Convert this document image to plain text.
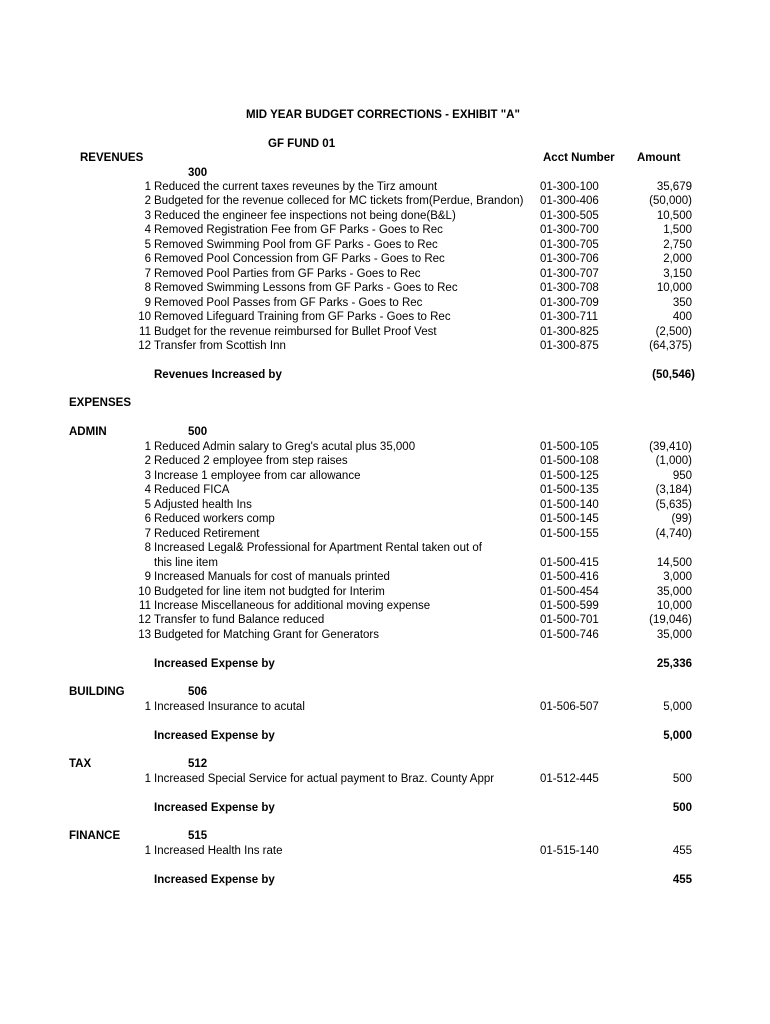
MID YEAR BUDGET CORRECTIONS - EXHIBIT "A"
GF FUND 01
REVENUES	Acct Number Amount
300
1 Reduced the current taxes reveunes by the Tirz amount	01-300-100	35,679
2 Budgeted for the revenue colleced for MC tickets from(Perdue, Brandon) 01-300-406	(50,000)
3 Reduced the engineer fee inspections not being done(B&L)	01-300-505	10,500
4 Removed Registration Fee from GF Parks - Goes to Rec	01-300-700	1,500
5 Removed Swimming Pool from GF Parks - Goes to Rec	01-300-705	2,750
6 Removed Pool Concession from GF Parks - Goes to Rec	01-300-706	2,000
7 Removed Pool Parties from GF Parks - Goes to Rec	01-300-707	3,150
8 Removed Swimming Lessons from GF Parks - Goes to Rec	01-300-708	10,000
9 Removed Pool Passes from GF Parks - Goes to Rec	01-300-709	350
10 Removed Lifeguard Training from GF Parks - Goes to Rec	01-300-711	400
11 Budget for the revenue reimbursed for Bullet Proof Vest	01-300-825	(2,500)
12 Transfer from Scottish Inn	01-300-875	(64,375)
Revenues Increased by	(50,546)
EXPENSES
ADMIN	500
1 Reduced Admin salary to Greg's acutal plus 35,000	01-500-105	(39,410)
2 Reduced 2 employee from step raises	01-500-108	(1,000)
3 Increase 1 employee from car allowance	01-500-125	950
4 Reduced FICA	01-500-135	(3,184)
5 Adjusted health Ins	01-500-140	(5,635)
6 Reduced workers comp	01-500-145	(99)
7 Reduced Retirement	01-500-155	(4,740)
8 Increased Legal& Professional for Apartment Rental taken out of
this line item	01-500-415	14,500
9 Increased Manuals for cost of manuals printed	01-500-416	3,000
10 Budgeted for line item not budgted for Interim	01-500-454	35,000
11 Increase Miscellaneous for additional moving expense	01-500-599	10,000
12 Transfer to fund Balance reduced	01-500-701	(19,046)
13 Budgeted for Matching Grant for Generators	01-500-746	35,000
Increased Expense by	25,336
BUILDING	506
1 Increased Insurance to acutal	01-506-507	5,000
Increased Expense by	5,000
TAX	512
1 Increased Special Service for actual payment to Braz. County Appr	01-512-445	500
Increased Expense by	500
FINANCE	515
1 Increased Health Ins rate	01-515-140	455
Increased Expense by	455
